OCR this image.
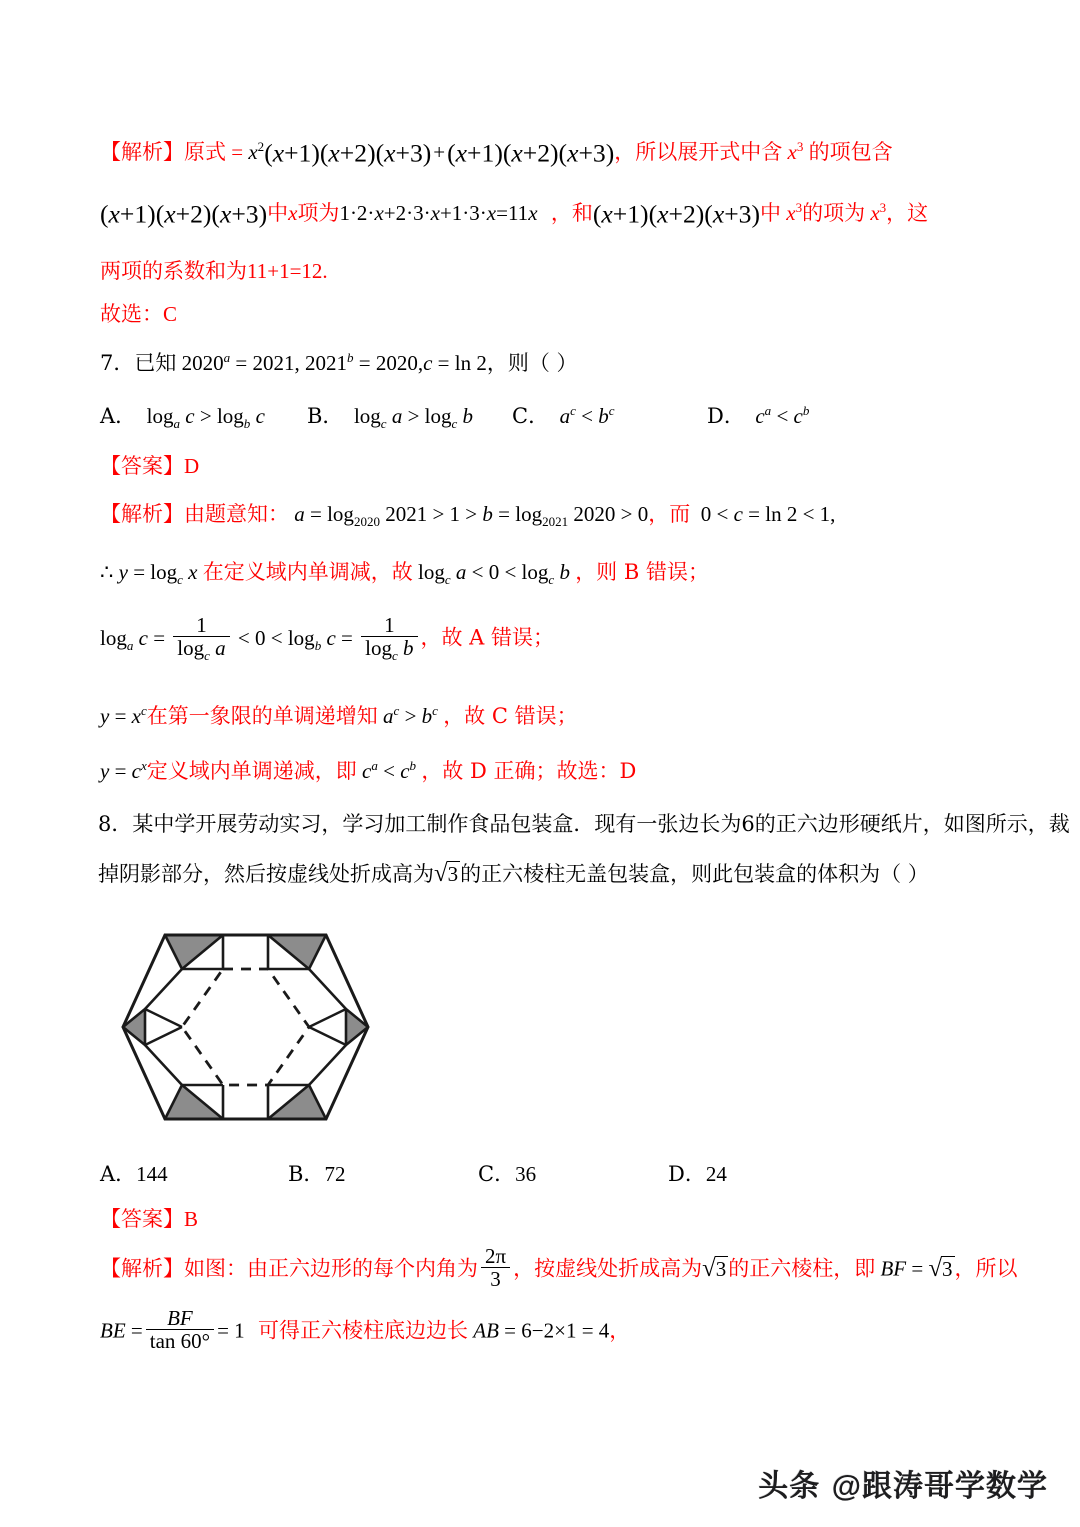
【解析】原式 = $x^2(x+1)(x+2)(x+3)+(x+1)(x+2)(x+3)$，所以展开式中含 $x^3$ 的项包含
(x+1)(x+2)(x+3)中x项为1·2·x+2·3·x+1·3·x=11x ，和(x+1)(x+2)(x+3)中 $x^3$的项为 $x^3$，这
两项的系数和为11+1=12.
故选：C
7．已知 $2020^a = 2021$, $2021^b = 2020,c = \ln 2$，则（ ）
A．  $\log_a c > \log_b c$ B．  $\log_c a > \log_c b$ C．  $a^c < b^c$	D．  $c^a < c^b$
【答案】D
【解析】由题意知： $a = \log_{2020} 2021 > 1 > b = \log_{2021} 2020 > 0$，而  0 < c = ln 2 < 1,
∴ $y = \log_c x$ 在定义域内单调减，故 $\log_c a < 0 < \log_c b$ ，则 B 错误；
$\log_a c = \frac{1}{\log_c a} < 0 < \log_b c = \frac{1}{\log_c b}$ ，故 A 错误；
$y = x^c$在第一象限的单调递增知 $a^c > b^c$ ，故 C 错误；
$y = c^x$定义域内单调递减，即 $c^a < c^b$ ，故 D 正确；故选：D
8．某中学开展劳动实习，学习加工制作食品包装盒．现有一张边长为6的正六边形硬纸片，如图所示，裁
掉阴影部分，然后按虚线处折成高为√3的正六棱柱无盖包装盒，则此包装盒的体积为（ ）
A．144	B．72	C．36	D．24
【答案】B
【解析】如图：由正六边形的每个内角为 $\frac{2\pi}{3}$ ，按虚线处折成高为√3的正六棱柱，即 BF = √3，所以
BE = $\frac{BF}{\tan 60^\circ} = 1$ 可得正六棱柱底边边长 AB = 6−2×1 = 4，
头条 @跟涛哥学数学
